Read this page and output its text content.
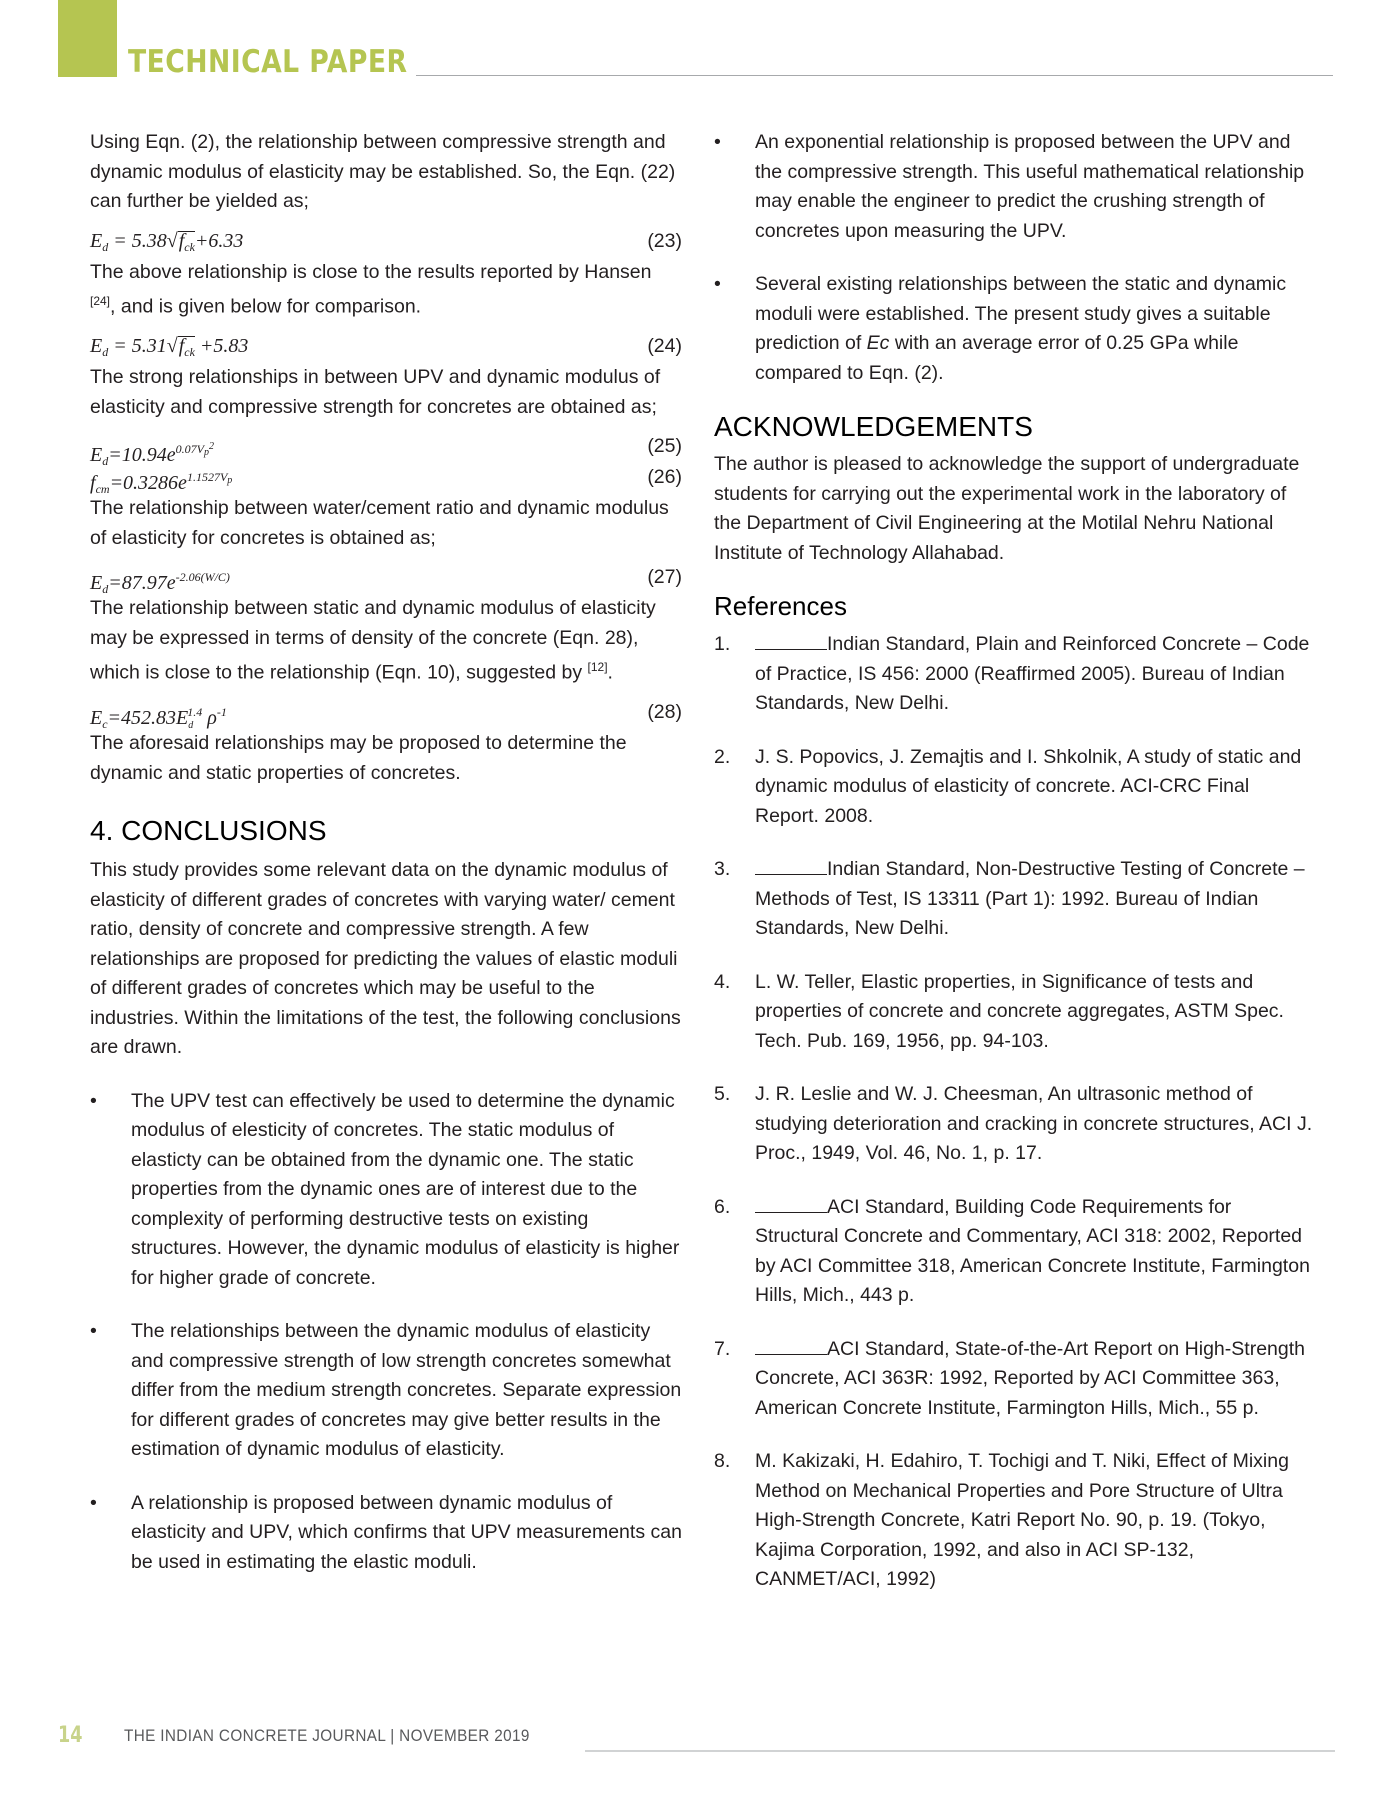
TECHNICAL PAPER

Using Eqn. (2), the relationship between compressive strength and dynamic modulus of elasticity may be established. So, the Eqn. (22) can further be yielded as;

$E_d = 5.38√f_{ck}+6.33$	(23)

The above relationship is close to the results reported by Hansen [24], and is given below for comparison.

$E_d = 5.31√f_{ck} +5.83$	(24)

The strong relationships in between UPV and dynamic modulus of elasticity and compressive strength for concretes are obtained as;

$E_d=10.94e^{0.07V_p^2}$	(25)
$f_{cm}=0.3286e^{1.1527V_p}$	(26)

The relationship between water/cement ratio and dynamic modulus of elasticity for concretes is obtained as;

$E_d=87.97e^{-2.06(W/C)}$	(27)

The relationship between static and dynamic modulus of elasticity may be expressed in terms of density of the concrete (Eqn. 28), which is close to the relationship (Eqn. 10), suggested by [12].

$E_c=452.83E_d^{1.4}$ $\rho^{-1}$	(28)

The aforesaid relationships may be proposed to determine the dynamic and static properties of concretes.

4. CONCLUSIONS

This study provides some relevant data on the dynamic modulus of elasticity of different grades of concretes with varying water/ cement ratio, density of concrete and compressive strength. A few relationships are proposed for predicting the values of elastic moduli of different grades of concretes which may be useful to the industries. Within the limitations of the test, the following conclusions are drawn.

• The UPV test can effectively be used to determine the dynamic modulus of elesticity of concretes. The static modulus of elasticty can be obtained from the dynamic one. The static properties from the dynamic ones are of interest due to the complexity of performing destructive tests on existing structures. However, the dynamic modulus of elasticity is higher for higher grade of concrete.
• The relationships between the dynamic modulus of elasticity and compressive strength of low strength concretes somewhat differ from the medium strength concretes. Separate expression for different grades of concretes may give better results in the estimation of dynamic modulus of elasticity.
• A relationship is proposed between dynamic modulus of elasticity and UPV, which confirms that UPV measurements can be used in estimating the elastic moduli.
• An exponential relationship is proposed between the UPV and the compressive strength. This useful mathematical relationship may enable the engineer to predict the crushing strength of concretes upon measuring the UPV.
• Several existing relationships between the static and dynamic moduli were established. The present study gives a suitable prediction of Ec with an average error of 0.25 GPa while compared to Eqn. (2).
ACKNOWLEDGEMENTS

The author is pleased to acknowledge the support of undergraduate students for carrying out the experimental work in the laboratory of the Department of Civil Engineering at the Motilal Nehru National Institute of Technology Allahabad.

References
1.	Indian Standard, Plain and Reinforced Concrete – Code of Practice, IS 456: 2000 (Reaffirmed 2005). Bureau of Indian Standards, New Delhi.
2. J. S. Popovics, J. Zemajtis and I. Shkolnik, A study of static and dynamic modulus of elasticity of concrete. ACI-CRC Final Report. 2008.
3.	Indian Standard, Non-Destructive Testing of Concrete – Methods of Test, IS 13311 (Part 1): 1992. Bureau of Indian Standards, New Delhi.
4. L. W. Teller, Elastic properties, in Significance of tests and properties of concrete and concrete aggregates, ASTM Spec. Tech. Pub. 169, 1956, pp. 94-103.
5. J. R. Leslie and W. J. Cheesman, An ultrasonic method of studying deterioration and cracking in concrete structures, ACI J. Proc., 1949, Vol. 46, No. 1, p. 17.
6.	ACI Standard, Building Code Requirements for Structural Concrete and Commentary, ACI 318: 2002, Reported by ACI Committee 318, American Concrete Institute, Farmington Hills, Mich., 443 p.
7.	ACI Standard, State-of-the-Art Report on High-Strength Concrete, ACI 363R: 1992, Reported by ACI Committee 363, American Concrete Institute, Farmington Hills, Mich., 55 p.
8. M. Kakizaki, H. Edahiro, T. Tochigi and T. Niki, Effect of Mixing Method on Mechanical Properties and Pore Structure of Ultra High-Strength Concrete, Katri Report No. 90, p. 19. (Tokyo, Kajima Corporation, 1992, and also in ACI SP-132, CANMET/ACI, 1992)
14 THE INDIAN CONCRETE JOURNAL | NOVEMBER 2019
